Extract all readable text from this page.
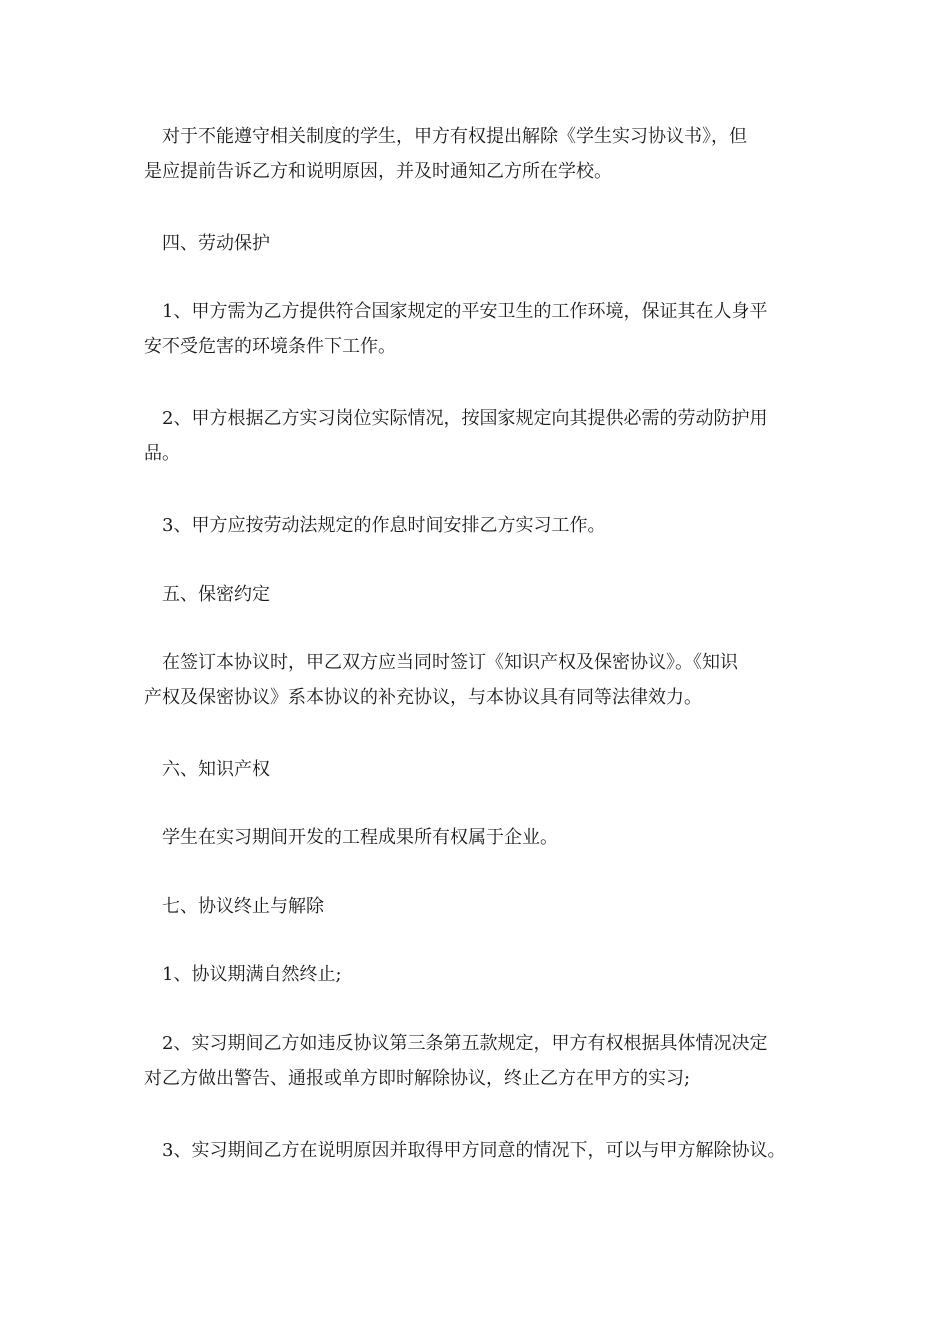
　对于不能遵守相关制度的学生，甲方有权提出解除《学生实习协议书》，但
是应提前告诉乙方和说明原因，并及时通知乙方所在学校。

　四、劳动保护

　1、甲方需为乙方提供符合国家规定的平安卫生的工作环境，保证其在人身平
安不受危害的环境条件下工作。

　2、甲方根据乙方实习岗位实际情况，按国家规定向其提供必需的劳动防护用
品。

　3、甲方应按劳动法规定的作息时间安排乙方实习工作。

　五、保密约定

　在签订本协议时，甲乙双方应当同时签订《知识产权及保密协议》。《知识
产权及保密协议》系本协议的补充协议，与本协议具有同等法律效力。

　六、知识产权

　学生在实习期间开发的工程成果所有权属于企业。

　七、协议终止与解除

　1、协议期满自然终止;

　2、实习期间乙方如违反协议第三条第五款规定，甲方有权根据具体情况决定
对乙方做出警告、通报或单方即时解除协议，终止乙方在甲方的实习;

　3、实习期间乙方在说明原因并取得甲方同意的情况下，可以与甲方解除协议。
